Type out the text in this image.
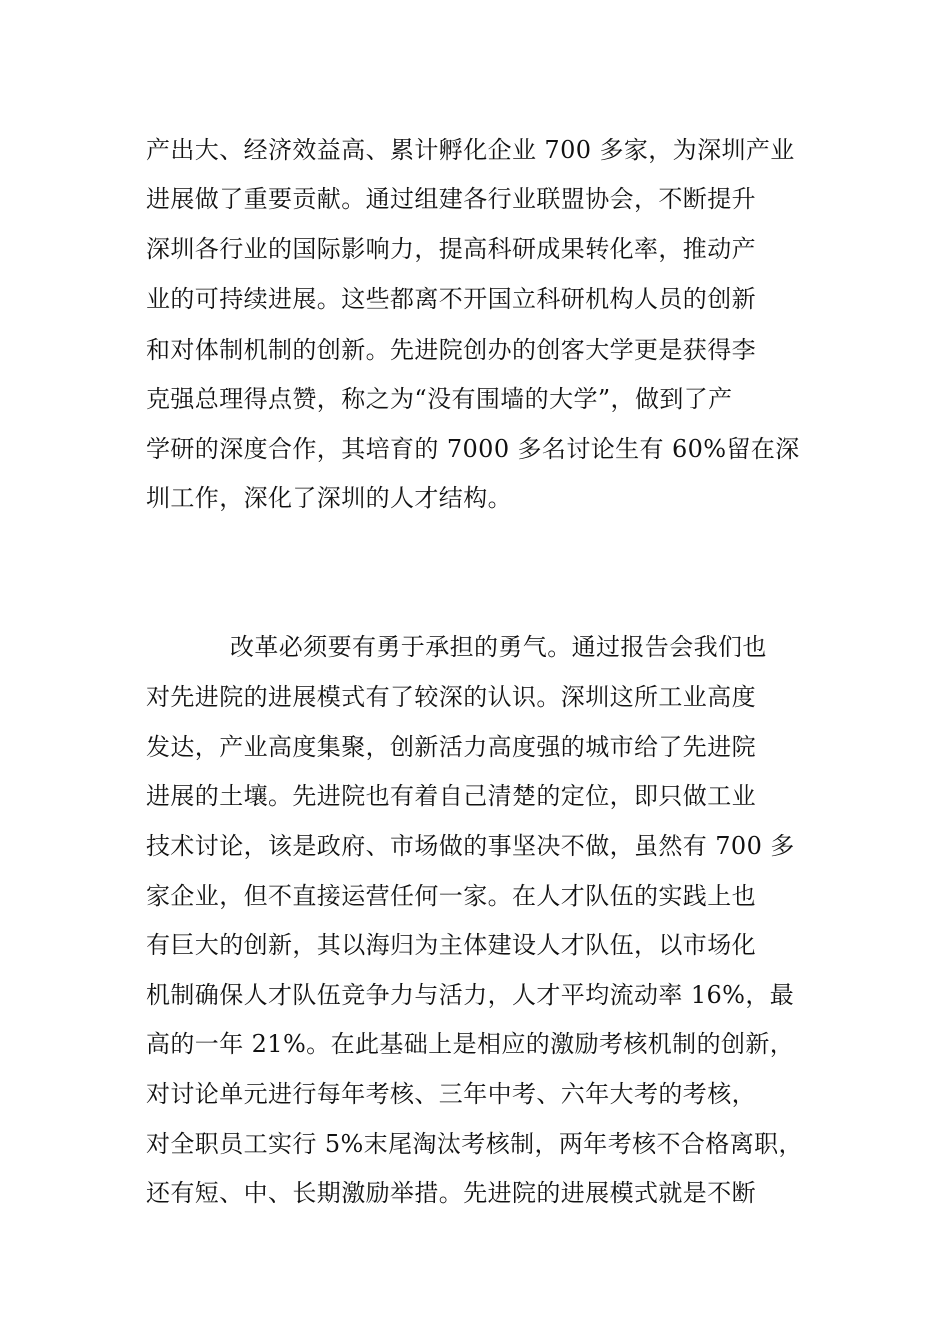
产出大、经济效益高、累计孵化企业 700 多家，为深圳产业
进展做了重要贡献。通过组建各行业联盟协会，不断提升
深圳各行业的国际影响力，提高科研成果转化率，推动产
业的可持续进展。这些都离不开国立科研机构人员的创新
和对体制机制的创新。先进院创办的创客大学更是获得李
克强总理得点赞，称之为“没有围墙的大学”，做到了产
学研的深度合作，其培育的 7000 多名讨论生有 60%留在深
圳工作，深化了深圳的人才结构。
改革必须要有勇于承担的勇气。通过报告会我们也
对先进院的进展模式有了较深的认识。深圳这所工业高度
发达，产业高度集聚，创新活力高度强的城市给了先进院
进展的土壤。先进院也有着自己清楚的定位，即只做工业
技术讨论，该是政府、市场做的事坚决不做，虽然有 700 多
家企业，但不直接运营任何一家。在人才队伍的实践上也
有巨大的创新，其以海归为主体建设人才队伍，以市场化
机制确保人才队伍竞争力与活力，人才平均流动率 16%，最
高的一年 21%。在此基础上是相应的激励考核机制的创新，
对讨论单元进行每年考核、三年中考、六年大考的考核，
对全职员工实行 5%末尾淘汰考核制，两年考核不合格离职，
还有短、中、长期激励举措。先进院的进展模式就是不断
